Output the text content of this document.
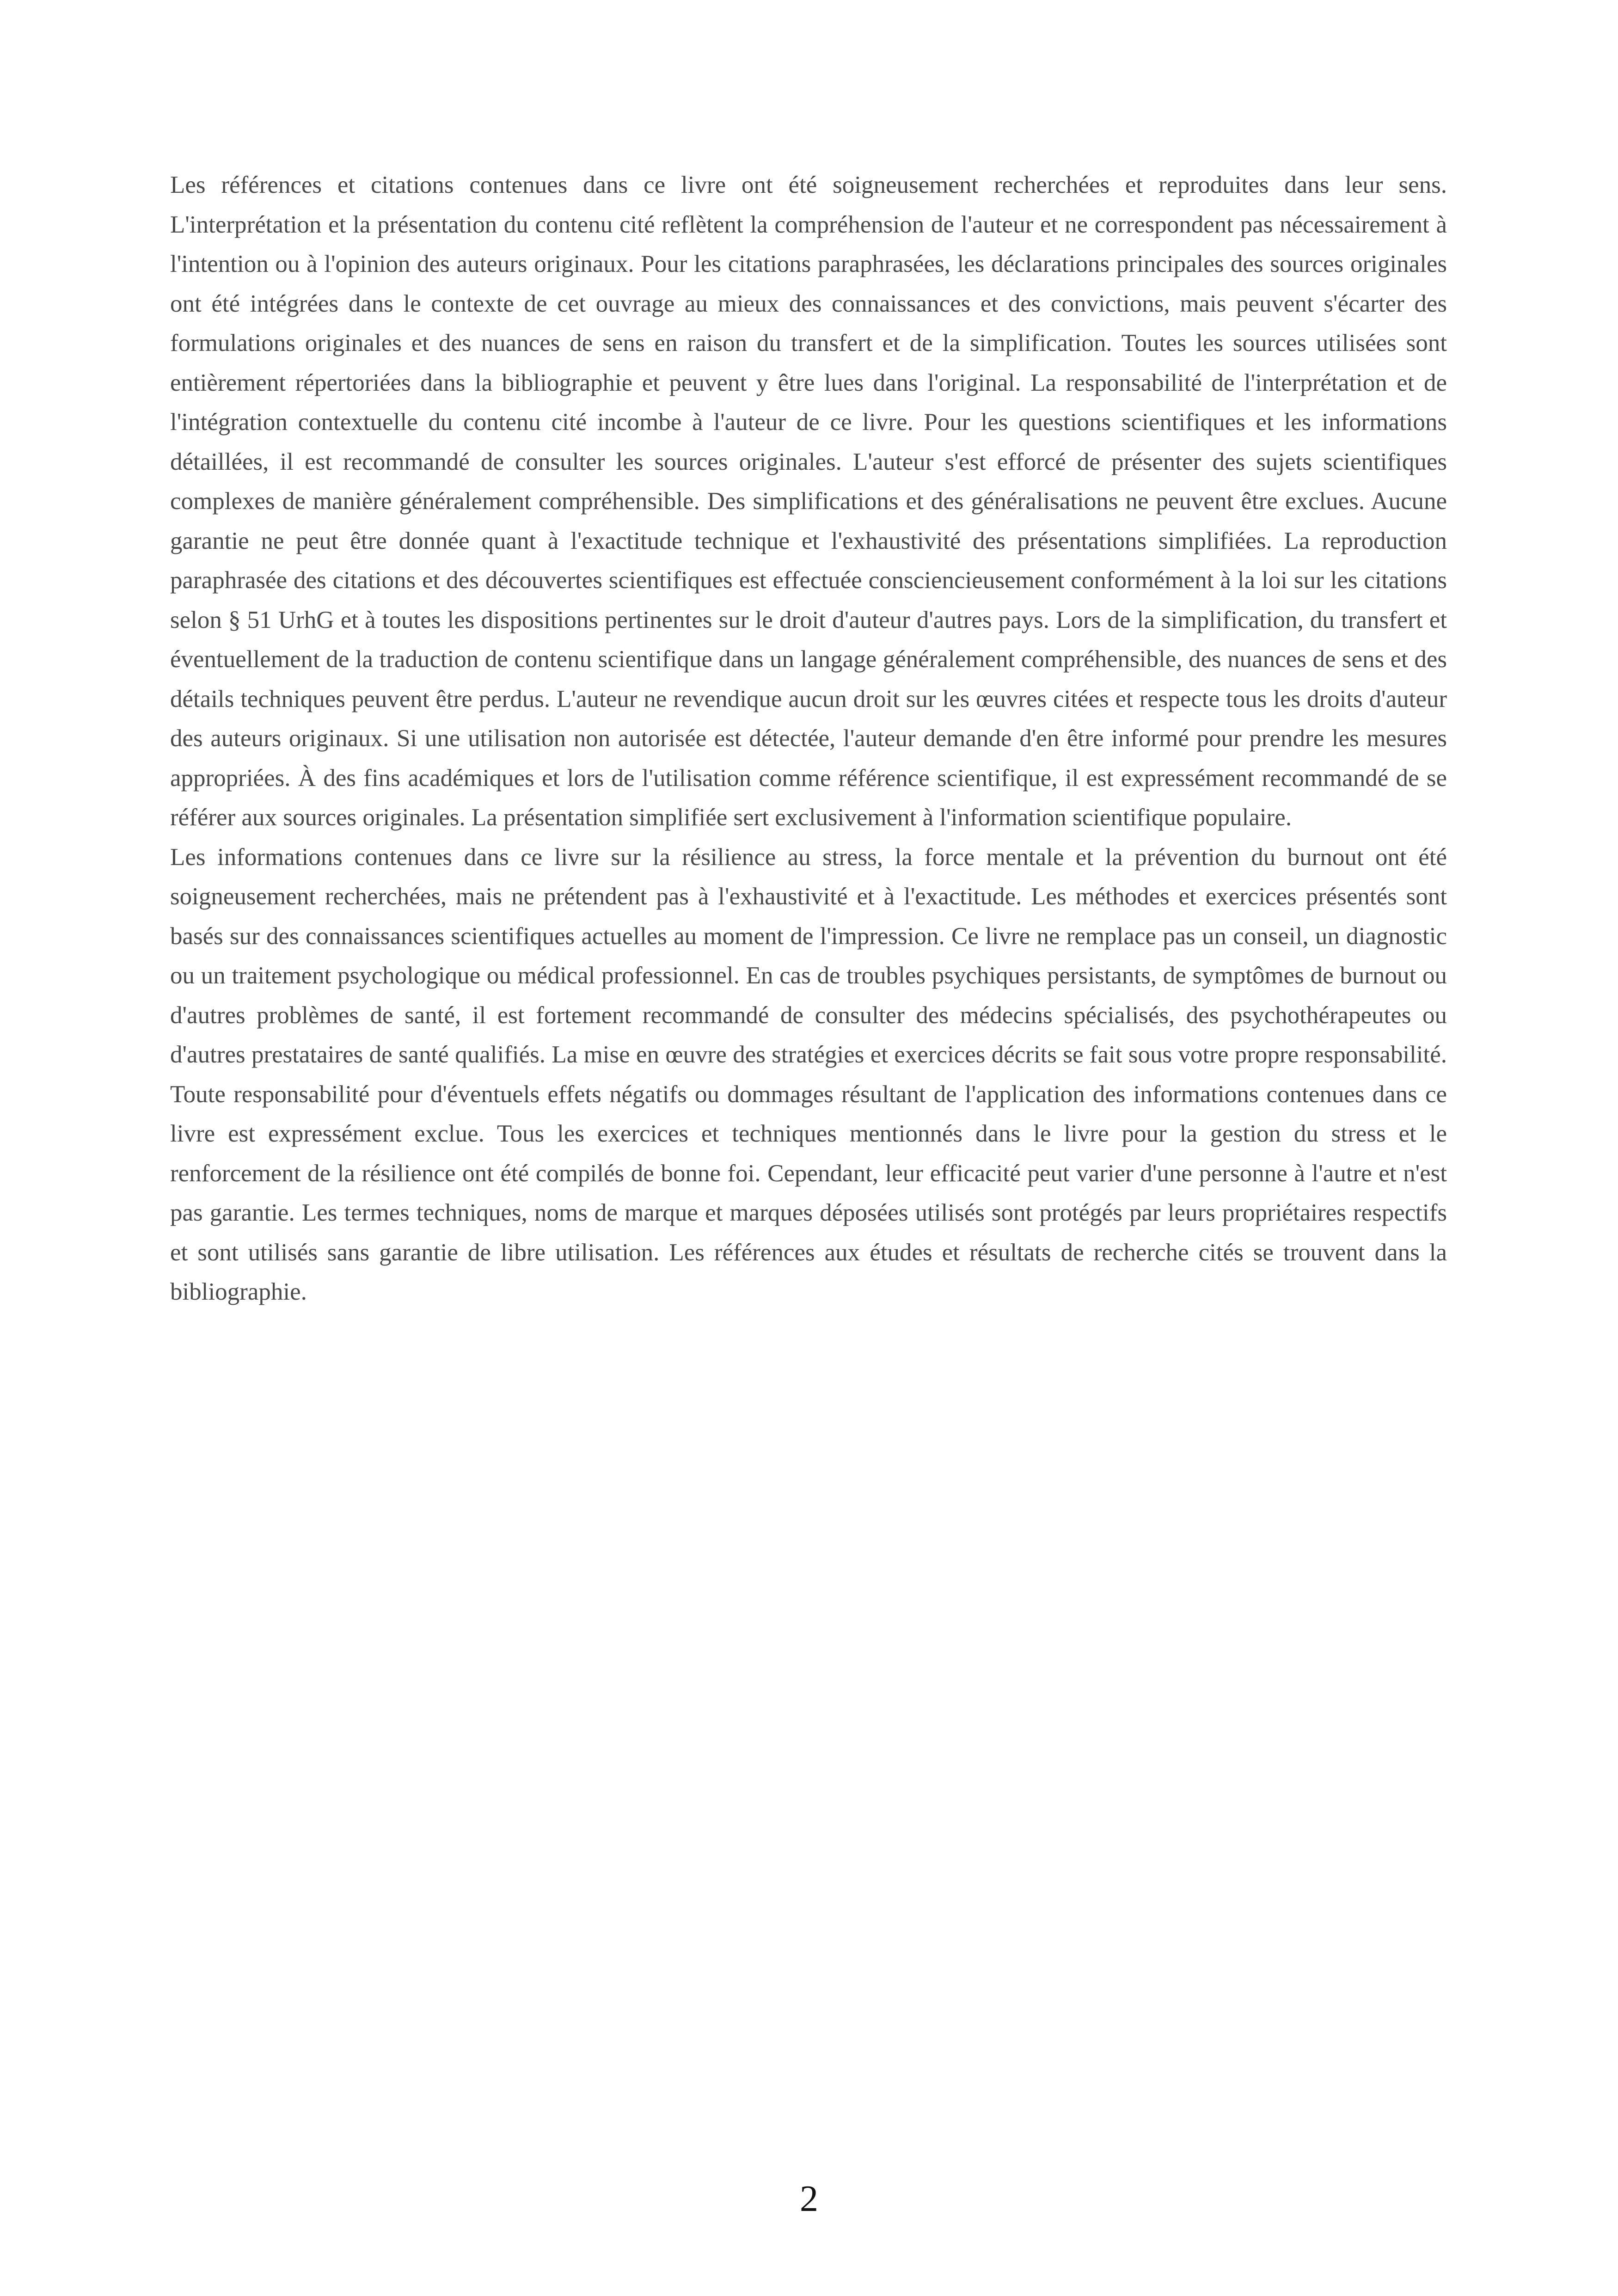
Les références et citations contenues dans ce livre ont été soigneusement recherchées et reproduites dans leur sens. L'interprétation et la présentation du contenu cité reflètent la compréhension de l'auteur et ne correspondent pas nécessairement à l'intention ou à l'opinion des auteurs originaux. Pour les citations paraphrasées, les déclarations principales des sources originales ont été intégrées dans le contexte de cet ouvrage au mieux des connaissances et des convictions, mais peuvent s'écarter des formulations originales et des nuances de sens en raison du transfert et de la simplification. Toutes les sources utilisées sont entièrement répertoriées dans la bibliographie et peuvent y être lues dans l'original. La responsabilité de l'interprétation et de l'intégration contextuelle du contenu cité incombe à l'auteur de ce livre. Pour les questions scientifiques et les informations détaillées, il est recommandé de consulter les sources originales. L'auteur s'est efforcé de présenter des sujets scientifiques complexes de manière généralement compréhensible. Des simplifications et des généralisations ne peuvent être exclues. Aucune garantie ne peut être donnée quant à l'exactitude technique et l'exhaustivité des présentations simplifiées. La reproduction paraphrasée des citations et des découvertes scientifiques est effectuée consciencieusement conformément à la loi sur les citations selon § 51 UrhG et à toutes les dispositions pertinentes sur le droit d'auteur d'autres pays. Lors de la simplification, du transfert et éventuellement de la traduction de contenu scientifique dans un langage généralement compréhensible, des nuances de sens et des détails techniques peuvent être perdus. L'auteur ne revendique aucun droit sur les œuvres citées et respecte tous les droits d'auteur des auteurs originaux. Si une utilisation non autorisée est détectée, l'auteur demande d'en être informé pour prendre les mesures appropriées. À des fins académiques et lors de l'utilisation comme référence scientifique, il est expressément recommandé de se référer aux sources originales. La présentation simplifiée sert exclusivement à l'information scientifique populaire.

Les informations contenues dans ce livre sur la résilience au stress, la force mentale et la prévention du burnout ont été soigneusement recherchées, mais ne prétendent pas à l'exhaustivité et à l'exactitude. Les méthodes et exercices présentés sont basés sur des connaissances scientifiques actuelles au moment de l'impression. Ce livre ne remplace pas un conseil, un diagnostic ou un traitement psychologique ou médical professionnel. En cas de troubles psychiques persistants, de symptômes de burnout ou d'autres problèmes de santé, il est fortement recommandé de consulter des médecins spécialisés, des psychothérapeutes ou d'autres prestataires de santé qualifiés. La mise en œuvre des stratégies et exercices décrits se fait sous votre propre responsabilité. Toute responsabilité pour d'éventuels effets négatifs ou dommages résultant de l'application des informations contenues dans ce livre est expressément exclue. Tous les exercices et techniques mentionnés dans le livre pour la gestion du stress et le renforcement de la résilience ont été compilés de bonne foi. Cependant, leur efficacité peut varier d'une personne à l'autre et n'est pas garantie. Les termes techniques, noms de marque et marques déposées utilisés sont protégés par leurs propriétaires respectifs et sont utilisés sans garantie de libre utilisation. Les références aux études et résultats de recherche cités se trouvent dans la bibliographie.

2
